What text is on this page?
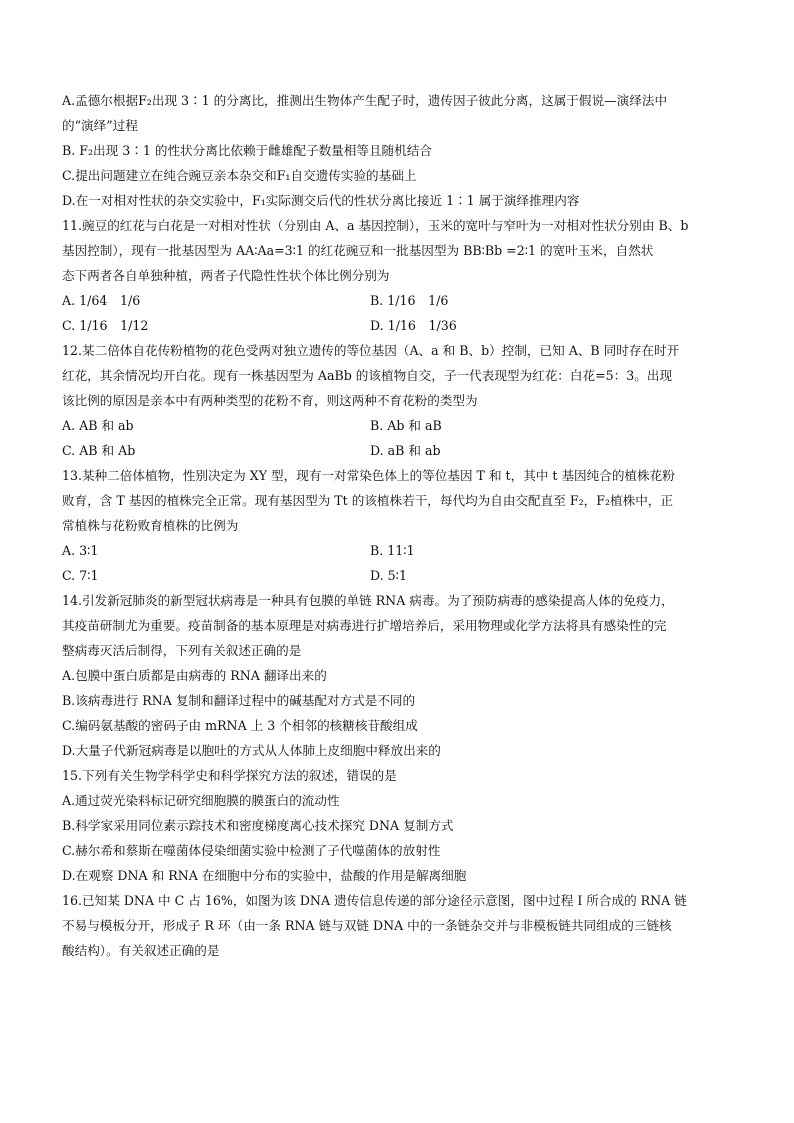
A.孟德尔根据F₂出现 3∶1 的分离比，推测出生物体产生配子时，遗传因子彼此分离，这属于假说—演绎法中
的“演绎”过程
B. F₂出现 3∶1 的性状分离比依赖于雌雄配子数量相等且随机结合
C.提出问题建立在纯合豌豆亲本杂交和F₁自交遗传实验的基础上
D.在一对相对性状的杂交实验中，F₁实际测交后代的性状分离比接近 1∶1 属于演绎推理内容
11.豌豆的红花与白花是一对相对性状（分别由 A、a 基因控制），玉米的宽叶与窄叶为一对相对性状分别由 B、b
基因控制），现有一批基因型为 AA∶Aa=3∶1 的红花豌豆和一批基因型为 BB∶Bb =2∶1 的宽叶玉米，自然状
态下两者各自单独种植，两者子代隐性性状个体比例分别为
A. 1/64　1/6	B. 1/16　1/6
C. 1/16　1/12	D. 1/16　1/36
12.某二倍体自花传粉植物的花色受两对独立遗传的等位基因（A、a 和 B、b）控制，已知 A、B 同时存在时开
红花，其余情况均开白花。现有一株基因型为 AaBb 的该植物自交，子一代表现型为红花：白花=5：3。出现
该比例的原因是亲本中有两种类型的花粉不育，则这两种不育花粉的类型为
A. AB 和 ab	B. Ab 和 aB
C. AB 和 Ab	D. aB 和 ab
13.某种二倍体植物，性别决定为 XY 型，现有一对常染色体上的等位基因 T 和 t，其中 t 基因纯合的植株花粉
败育，含 T 基因的植株完全正常。现有基因型为 Tt 的该植株若干，每代均为自由交配直至 F₂，F₂植株中，正
常植株与花粉败育植株的比例为
A. 3∶1	B. 11∶1
C. 7∶1	D. 5∶1
14.引发新冠肺炎的新型冠状病毒是一种具有包膜的单链 RNA 病毒。为了预防病毒的感染提高人体的免疫力，
其疫苗研制尤为重要。疫苗制备的基本原理是对病毒进行扩增培养后，采用物理或化学方法将具有感染性的完
整病毒灭活后制得，下列有关叙述正确的是
A.包膜中蛋白质都是由病毒的 RNA 翻译出来的
B.该病毒进行 RNA 复制和翻译过程中的碱基配对方式是不同的
C.编码氨基酸的密码子由 mRNA 上 3 个相邻的核糖核苷酸组成
D.大量子代新冠病毒是以胞吐的方式从人体肺上皮细胞中释放出来的
15.下列有关生物学科学史和科学探究方法的叙述，错误的是
A.通过荧光染料标记研究细胞膜的膜蛋白的流动性
B.科学家采用同位素示踪技术和密度梯度离心技术探究 DNA 复制方式
C.赫尔希和蔡斯在噬菌体侵染细菌实验中检测了子代噬菌体的放射性
D.在观察 DNA 和 RNA 在细胞中分布的实验中，盐酸的作用是解离细胞
16.已知某 DNA 中 C 占 16%，如图为该 DNA 遗传信息传递的部分途径示意图，图中过程 I 所合成的 RNA 链
不易与模板分开，形成子 R 环（由一条 RNA 链与双链 DNA 中的一条链杂交并与非模板链共同组成的三链核
酸结构）。有关叙述正确的是
